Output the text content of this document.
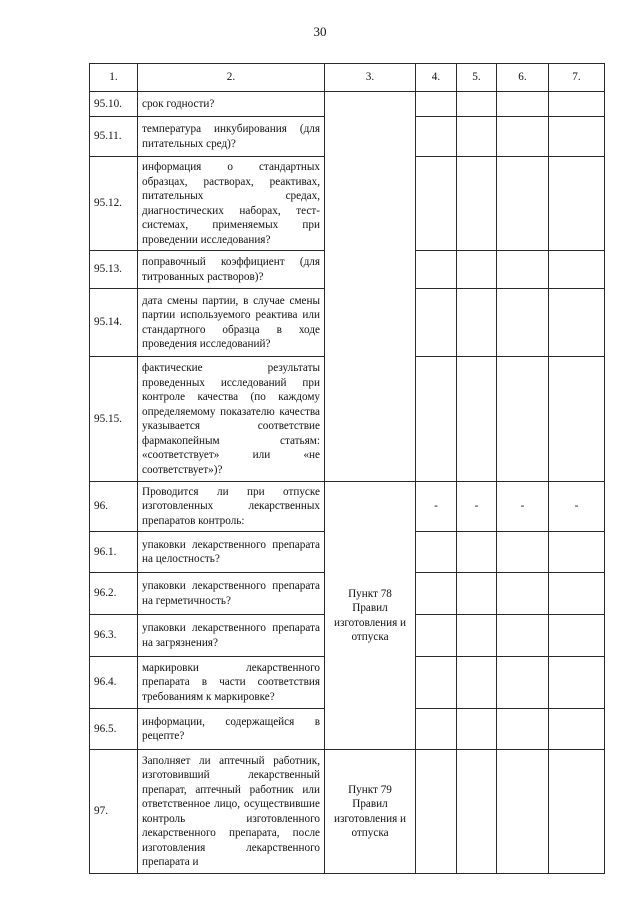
30
1.	2.	3.	4.	5.	6.	7.
95.10.	срок годности?					
95.11.	температура инкубирования (для питательных сред)?					
95.12.	информация о стандартных образцах, растворах, реактивах, питательных средах, диагностических наборах, тест-системах, применяемых при проведении исследования?					
95.13.	поправочный коэффициент (для титрованных растворов)?					
95.14.	дата смены партии, в случае смены партии используемого реактива или стандартного образца в ходе проведения исследований?					
95.15.	фактические результаты проведенных исследований при контроле качества (по каждому определяемому показателю качества указывается соответствие фармакопейным статьям: «соответствует» или «не соответствует»)?					
96.	Проводится ли при отпуске изготовленных лекарственных препаратов контроль:	Пункт 78 Правил изготовления и отпуска	-	-	-	-
96.1.	упаковки лекарственного препарата на целостность?					
96.2.	упаковки лекарственного препарата на герметичность?					
96.3.	упаковки лекарственного препарата на загрязнения?					
96.4.	маркировки лекарственного препарата в части соответствия требованиям к маркировке?					
96.5.	информации, содержащейся в рецепте?					
97.	Заполняет ли аптечный работник, изготовивший лекарственный препарат, аптечный работник или ответственное лицо, осуществившие контроль изготовленного лекарственного препарата, после изготовления лекарственного препарата и	Пункт 79 Правил изготовления и отпуска				
